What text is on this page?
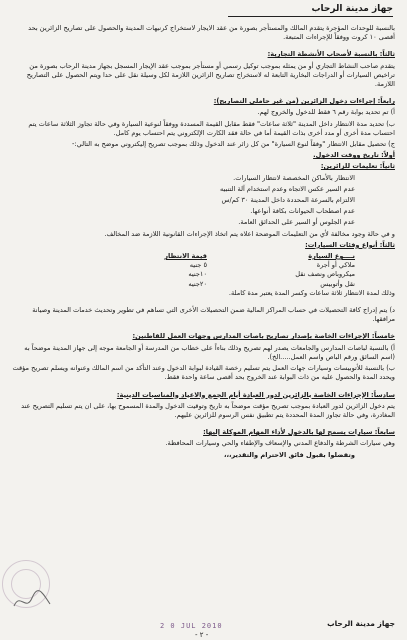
جهاز مدينة الرحاب

بالنسبة للوحدات المؤجرة يتقدم المالك والمستأجر بصورة من عقد الايجار لاستخراج كرنيهات المدينة والحصول على تصاريح الزائرين بحد أقصى ١٠ كروت ووفقاً للإجراءات المتبعة.

ثالثاً: بالنسبة لأصحاب الأنشطة التجارية:

يتقدم صاحب النشاط التجاري أو من يمثله بموجب توكيل رسمي أو مستأجر بموجب عقد الإيجار المسجل بجهاز مدينة الرحاب بصورة من تراخيص السيارات أو الدراجات البخارية التابعة له لاستخراج تصاريح الزائرين اللازمة لكل وسيلة نقل على حدا ويتم الحصول على التصاريح اللازمة.

رابعاً: إجراءات دخول الزائرين (من غير حاملي التصاريح):

أ) تم تحديد بوابة رقم ٦ فقط للدخول والخروج لهم.

ب) تحديد مدة الانتظار داخل المدينة "ثلاثة ساعات" فقط مقابل القيمة المسددة ووفقاً لنوعية السيارة وفي حالة تجاوز الثلاثة ساعات يتم احتساب مدة أخرى أو مدد أخرى بذات القيمة أما في حالة فقد الكارت الإلكتروني يتم احتساب يوم كامل.

ج) تحصيل مقابل الانتظار "وفقاً لنوع السيارة" من كل زائر عند الدخول وذلك بموجب تصريح إليكتروني موضح به التالي:-

أولاً: تاريخ ووقت الدخول.

ثانياً: تعليمات للزائرين:

الانتظار بالأماكن المخصصة لانتظار السيارات.

عدم السير عكس الاتجاه وعدم استخدام آلة التنبيه

الالتزام بالسرعة المحددة داخل المدينة ٣٠ كم/س

عدم اصطحاب الحيوانات بكافة أنواعها.

عدم الجلوس أو السير على الحدائق العامة.

و في حالة وجود مخالفة لأي من التعليمات الموضحة اعلاه يتم اتخاذ الإجراءات القانونية اللازمة ضد المخالف.

ثالثاً: أنواع وفئات السيارات:

نــــوع السيارة
قيمة الانتظار
ملاكي أو أجرة
٥ جنيه
ميكروباص ونصف نقل
١٠جنيه
نقل وأتوبيس
٢٠جنيه

وذلك لمدة الانتظار ثلاثة ساعات وكسر المدة يعتبر مدة كاملة.

د) يتم إدراج كافة التحصيلات في حساب المراكز المالية ضمن التحصيلات الأخرى التي تساهم في تطوير وتحديث خدمات المدينة وصيانة مرافقها.

خامساً: الإجراءات الخاصة بإصدار تصاريح باصات المدارس وجهات العمل للقاطنين:

أ) بالنسبة لباصات المدارس والجامعات يصدر لهم تصريح وذلك بناءاً على خطاب من المدرسة أو الجامعة موجه إلى جهاز المدينة موضحاً به (اسم السائق ورقم الباص واسم العمل.....الخ).

ب) بالنسبة للأتوبيسات وسيارات جهات العمل يتم تسليم رخصة القيادة لبوابة الدخول وعند التأكد من اسم المالك وعنوانه ويسلم تصريح مؤقت ويحدد المدة والحصول عليه من ذات البوابة عند الخروج بحد أقصى ساعة واحدة فقط.

سادساً: الإجراءات الخاصة بالزائرين لدور العبادة أيام الجمع والاعياد والمناسبات الدينية:

يتم دخول الزائرين لدور العبادة بموجب تصريح مؤقت موضحاً به تاريخ وتوقيت الدخول والمدة المسموح بها، على ان يتم تسليم التصريح عند المغادرة، وفي حالة تجاوز المدة المحددة يتم تطبيق نفس الرسوم للزائرين عليهم.

سابعاً: سيارات يسمح لها بالدخول لأداء المهام الموكلة إليها:

وهي سيارات الشرطة والدفاع المدني والإسعاف والإطفاء والحي وسيارات المحافظة.

وتفضلوا بقبول فائق الاحترام والتقدير،،،

جهاز مدينة الرحاب
2 0 JUL 2010
- ٢ -
